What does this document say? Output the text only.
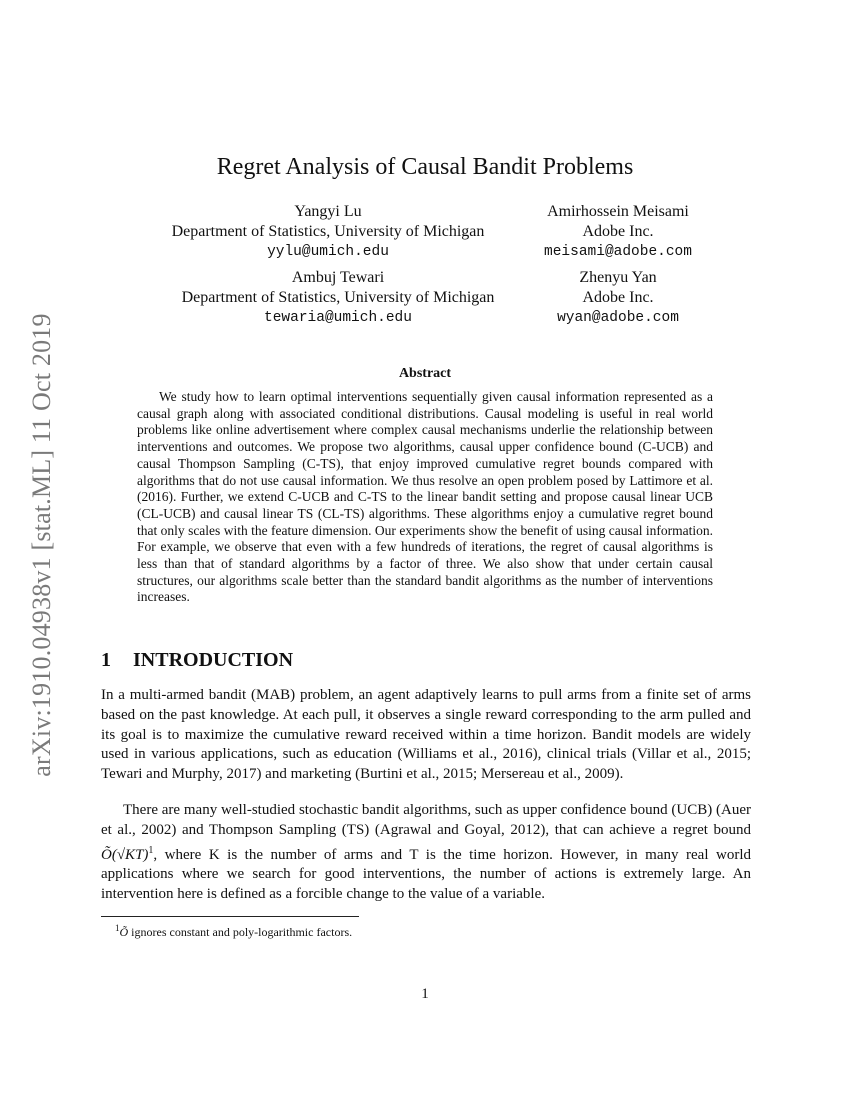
arXiv:1910.04938v1 [stat.ML] 11 Oct 2019
Regret Analysis of Causal Bandit Problems
Yangyi Lu
Department of Statistics, University of Michigan
yylu@umich.edu
Amirhossein Meisami
Adobe Inc.
meisami@adobe.com
Ambuj Tewari
Department of Statistics, University of Michigan
tewaria@umich.edu
Zhenyu Yan
Adobe Inc.
wyan@adobe.com
Abstract

We study how to learn optimal interventions sequentially given causal information represented as a causal graph along with associated conditional distributions. Causal modeling is useful in real world problems like online advertisement where complex causal mechanisms underlie the relationship between interventions and outcomes. We propose two algorithms, causal upper confidence bound (C-UCB) and causal Thompson Sampling (C-TS), that enjoy improved cumulative regret bounds compared with algorithms that do not use causal information. We thus resolve an open problem posed by Lattimore et al. (2016). Further, we extend C-UCB and C-TS to the linear bandit setting and propose causal linear UCB (CL-UCB) and causal linear TS (CL-TS) algorithms. These algorithms enjoy a cumulative regret bound that only scales with the feature dimension. Our experiments show the benefit of using causal information. For example, we observe that even with a few hundreds of iterations, the regret of causal algorithms is less than that of standard algorithms by a factor of three. We also show that under certain causal structures, our algorithms scale better than the standard bandit algorithms as the number of interventions increases.

1 INTRODUCTION

In a multi-armed bandit (MAB) problem, an agent adaptively learns to pull arms from a finite set of arms based on the past knowledge. At each pull, it observes a single reward corresponding to the arm pulled and its goal is to maximize the cumulative reward received within a time horizon. Bandit models are widely used in various applications, such as education (Williams et al., 2016), clinical trials (Villar et al., 2015; Tewari and Murphy, 2017) and marketing (Burtini et al., 2015; Mersereau et al., 2009).

There are many well-studied stochastic bandit algorithms, such as upper confidence bound (UCB) (Auer et al., 2002) and Thompson Sampling (TS) (Agrawal and Goyal, 2012), that can achieve a regret bound $Õ(√KT)^1$, where K is the number of arms and T is the time horizon. However, in many real world applications where we search for good interventions, the number of actions is extremely large. An intervention here is defined as a forcible change to the value of a variable.

$^1$Õ ignores constant and poly-logarithmic factors.
1
